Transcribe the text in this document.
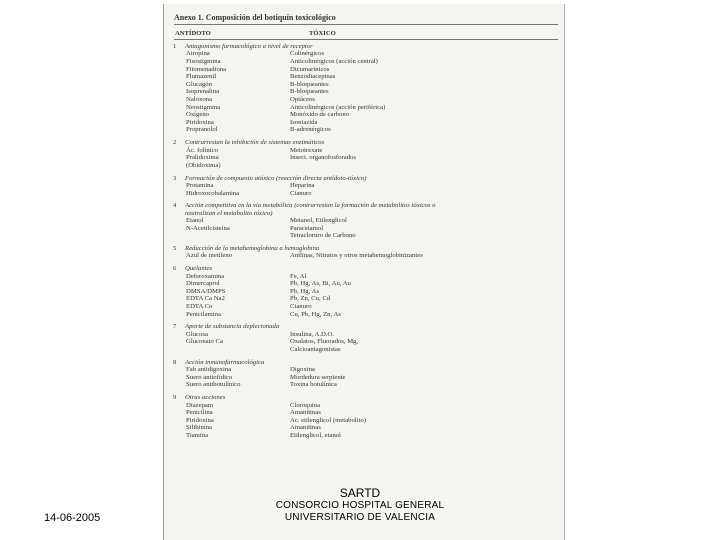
Anexo 1. Composición del botiquín toxicológico
ANTÍDOTO	TÓXICO
1	Antagonismo farmacológico a nivel de receptor
Atropina	Colinérgicos
Fisostigmina	Anticolinérgicos (acción central)
Fitomenadiona	Dicumarínicos
Flumazenil	Benzodiacepinas
Glucagón	B-bloqueantes
Isoprenalina	B-bloqueantes
Naloxona	Opiáceos
Neostigmina	Anticolinérgicos (acción periférica)
Oxígeno	Monóxido de carbono
Piridoxina	Isoniazida
Propranolol	B-adrenérgicos
2	Contrarrestan la inhibición de sistemas enzimáticos
Ác. folínico	Metotrexate
Pralidoxima	Insect. organofosforados
(Obidoxima)
3	Formación de compuesto atóxico (reacción directa antídoto-tóxico)
Protamina	Heparina
Hidroxocobalamina	Cianuro
4	Acción competitiva en la vía metabólica (contrarrestan la formación de metabolitos tóxicos o neutralizan el metabolito tóxico)
Etanol	Metanol, Etilenglicol
N-Acetilcisteína	Paracetamol
Tetracloruro de Carbono
5	Reducción de la metahemoglobina a hemoglobina
Azul de metileno	Anilinas, Nitratos y otros metahemoglobinizantes
6	Quelantes
Deferoxamina	Fe, Al
Dimercaprol	Pb, Hg, As, Bi, Au, Au
DMSA/DMPS	Pb, Hg, As
EDTA Ca Na2	Pb, Zn, Cu, Cd
EDTA Co	Cianuro
Penicilamina	Cu, Pb, Hg, Zn, As
7	Aporte de substancia deplecionada
Glucosa	Insulina, A.D.O.
Gluconato Ca	Oxalatos, Fluorados, Mg,
Calcioantagonistas
8	Acción inmunofarmacológica
Fab antidigoxina	Digoxina
Suero antiofídico	Mordedura serpiente
Suero antibotulínico	Toxina botulínica
9	Otras acciones
Diazepam	Cloroquina
Penicilina	Amanitinas
Piridoxina	Ac. etilenglicol (metabolito)
Silibinina	Amanitinas
Tiamina	Etilenglicol, etanol
14-06-2005
SARTD
CONSORCIO HOSPITAL GENERAL
UNIVERSITARIO DE VALENCIA
